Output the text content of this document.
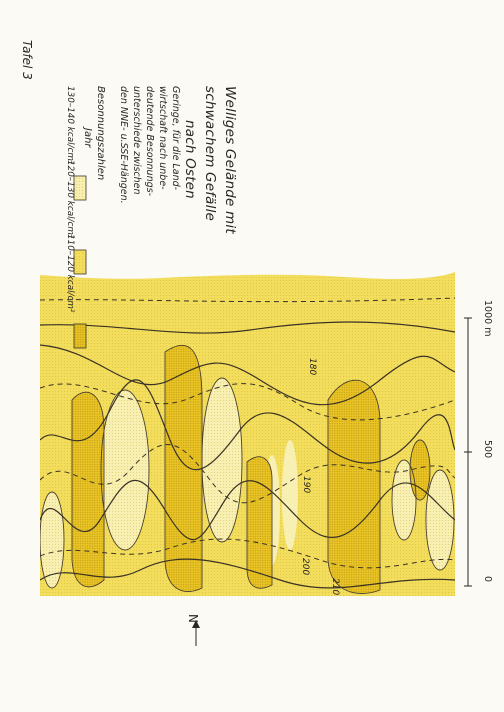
180
190
200
210	0
500
1000 m
Tafel 3
Welliges Gelände mit
schwachem Gefälle
nach Osten
Geringe, für die Land-
wirtschaft nach unbe-
deutende Besonnungs-
unterschiede zwischen
den NNE- u.SSE-Hängen.
Besonnungszahlen
Jahr
130–140 kcal/cm²
120–130 kcal/cm²
110–120 kcal/cm²
N
